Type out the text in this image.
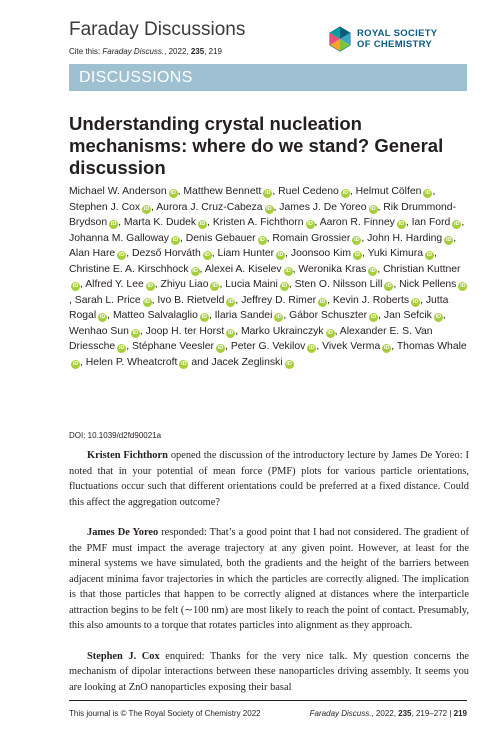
Faraday Discussions
Cite this: Faraday Discuss., 2022, 235, 219
ROYAL SOCIETY
OF CHEMISTRY
DISCUSSIONS
Understanding crystal nucleation mechanisms: where do we stand? General discussion
Michael W. Anderson iD , Matthew Bennett iD , Ruel Cedeno iD , Helmut Cölfen iD , Stephen J. Cox iD , Aurora J. Cruz-Cabeza iD , James J. De Yoreo iD , Rik Drummond-Brydson iD , Marta K. Dudek iD , Kristen A. Fichthorn iD , Aaron R. Finney iD , Ian Ford iD , Johanna M. Galloway iD , Denis Gebauer iD , Romain Grossier iD , John H. Harding iD , Alan Hare iD , Dezső Horváth iD , Liam Hunter iD , Joonsoo Kim iD , Yuki Kimura iD , Christine E. A. Kirschhock iD , Alexei A. Kiselev iD , Weronika Kras iD , Christian KuttneriD , Alfred Y. Lee iD , Zhiyu Liao iD , Lucia Maini iD , Sten O. Nilsson Lill iD , Nick Pellens iD, Sarah L. Price iD , Ivo B. Rietveld iD , Jeffrey D. Rimer iD , Kevin J. Roberts iD , Jutta Rogal iD , Matteo Salvalaglio iD , Ilaria Sandei iD , Gábor Schuszter iD , Jan Sefcik iD , Wenhao Sun iD , Joop H. ter Horst iD , Marko Ukrainczyk iD , Alexander E. S. Van Driessche iD , Stéphane Veesler iD , Peter G. Vekilov iD , Vivek Verma iD , Thomas WhaleiD , Helen P. Wheatcroft iD and Jacek Zeglinski iD
DOI: 10.1039/d2fd90021a

Kristen Fichthorn opened the discussion of the introductory lecture by James De Yoreo: I noted that in your potential of mean force (PMF) plots for various particle orientations, fluctuations occur such that different orientations could be preferred at a fixed distance. Could this affect the aggregation outcome?

James De Yoreo responded: That’s a good point that I had not considered. The gradient of the PMF must impact the average trajectory at any given point. However, at least for the mineral systems we have simulated, both the gradients and the height of the barriers between adjacent minima favor trajectories in which the particles are correctly aligned. The implication is that those particles that happen to be correctly aligned at distances where the interparticle attraction begins to be felt (∼100 nm) are most likely to reach the point of contact. Presumably, this also amounts to a torque that rotates particles into alignment as they approach.

Stephen J. Cox enquired: Thanks for the very nice talk. My question concerns the mechanism of dipolar interactions between these nanoparticles driving assembly. It seems you are looking at ZnO nanoparticles exposing their basal

This journal is © The Royal Society of Chemistry 2022	Faraday Discuss., 2022, 235, 219–272 | 219
